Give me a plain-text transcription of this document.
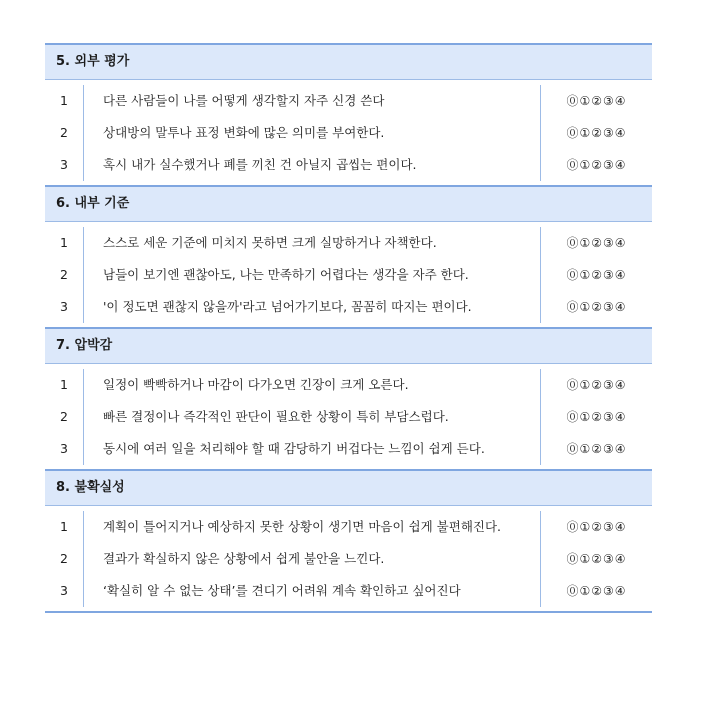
5. 외부 평가
1
2
3
다른 사람들이 나를 어떻게 생각할지 자주 신경 쓴다
상대방의 말투나 표정 변화에 많은 의미를 부여한다.
혹시 내가 실수했거나 폐를 끼친 건 아닐지 곱씹는 편이다.
⓪①②③④
⓪①②③④
⓪①②③④
6. 내부 기준
1
2
3
스스로 세운 기준에 미치지 못하면 크게 실망하거나 자책한다.
남들이 보기엔 괜찮아도, 나는 만족하기 어렵다는 생각을 자주 한다.
'이 정도면 괜찮지 않을까'라고 넘어가기보다, 꼼꼼히 따지는 편이다.
⓪①②③④
⓪①②③④
⓪①②③④
7. 압박감
1
2
3
일정이 빡빡하거나 마감이 다가오면 긴장이 크게 오른다.
빠른 결정이나 즉각적인 판단이 필요한 상황이 특히 부담스럽다.
동시에 여러 일을 처리해야 할 때 감당하기 버겁다는 느낌이 쉽게 든다.
⓪①②③④
⓪①②③④
⓪①②③④
8. 불확실성
1
2
3
계획이 틀어지거나 예상하지 못한 상황이 생기면 마음이 쉽게 불편해진다.
결과가 확실하지 않은 상황에서 쉽게 불안을 느낀다.
‘확실히 알 수 없는 상태’를 견디기 어려워 계속 확인하고 싶어진다
⓪①②③④
⓪①②③④
⓪①②③④
